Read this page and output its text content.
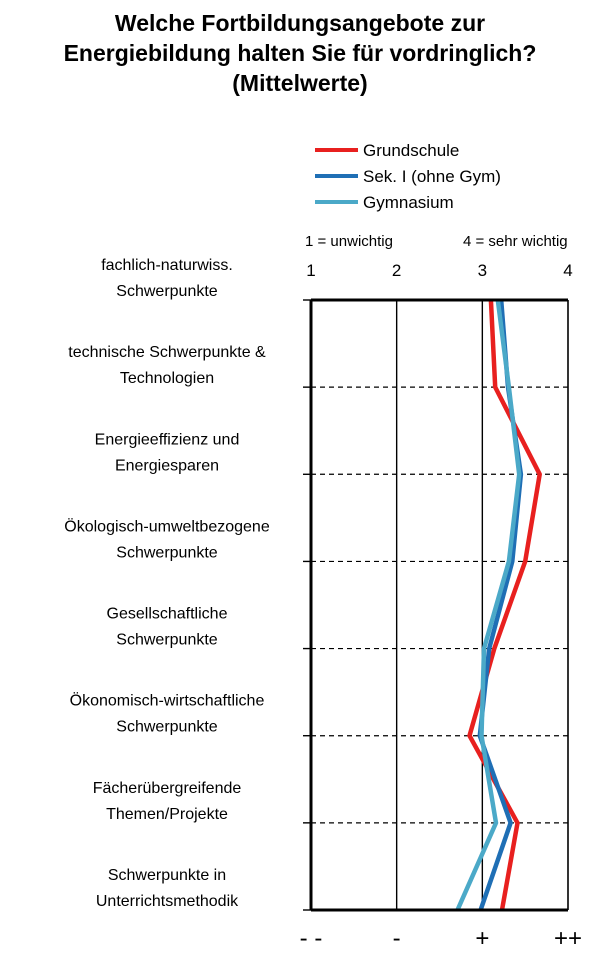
Welche Fortbildungsangebote zur
Energiebildung halten Sie für vordringlich?
(Mittelwerte)
Grundschule
Sek. I (ohne Gym)
Gymnasium
1 = unwichtig	4 = sehr wichtig
1	2	3	4
fachlich-naturwiss. Schwerpunkte
technische Schwerpunkte & Technologien
Energieeffizienz und Energiesparen
Ökologisch-umweltbezogene Schwerpunkte
Gesellschaftliche Schwerpunkte
Ökonomisch-wirtschaftliche Schwerpunkte
Fächerübergreifende Themen/Projekte
Schwerpunkte in Unterrichtsmethodik
- -	-	+	++
